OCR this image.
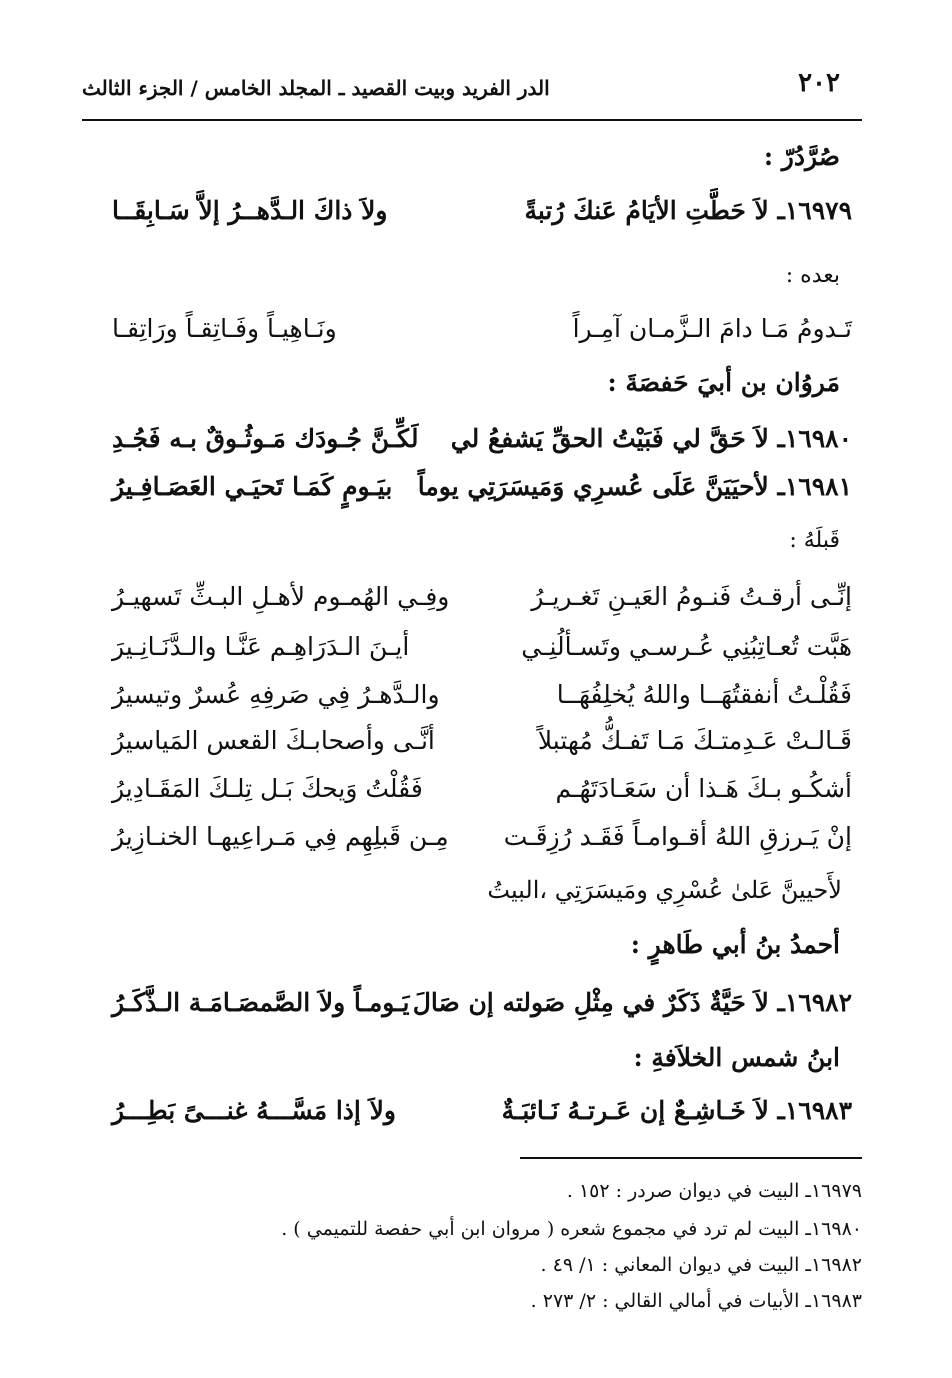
٢٠٢
الدر الفريد وبيت القصيد ـ المجلد الخامس / الجزء الثالث
صُرَّدُرّ :
١٦٩٧٩ـ لاَ حَطَّتِ الأيَامُ عَنكَ رُتبةً
ولاَ ذاكَ الـدَّهــرُ إلاَّ سَـابِقَــا
بعده :
تَـدومُ مَـا دامَ الـزَّمـان آمِـراً
ونَـاهِيـاً وفَـاتِقـاً ورَاتِقـا
مَروُان بن أبيَ حَفصَةَ :
١٦٩٨٠ـ لاَ حَقَّ لي فَبَيْتُ الحقِّ يَشفعُ لي
لَكِّـنَّ جُـودَك مَـوثُـوقٌ بـه فَجُـدِ
١٦٩٨١ـ لأحيَيَنَّ عَلَى عُسرِي وَمَيسَرَتِي يوماً
بيَـومٍ كَمَـا تَحيَـي العَصَـافِـيرُ
قَبلَهُ :
إنِّـى أرقـتُ فَنـومُ العَيـنِ تَغـريـرُ
وفِـي الهُمـوم لأهـلِ البـثِّ تَسهيـرُ
هَبَّت تُعـاتِبُنِي عُـرسـي وتَسـألُنِـي
أيـنَ الـدَرَاهِـم عَنَّـا والـدَّنَـانِـيرَ
فَقُلْـتُ أنفقتُهَــا واللهُ يُخلِفُهَــا
والـدَّهـرُ فِي صَرفِهِ عُسرٌ وتيسيرُ
قَـالـتْ عَـدِمتـكَ مَـا تَفـكُّ مُهتبلاً
أنَّـى وأصحابـكَ القعس المَياسيرُ
أشكُـو بـكَ هَـذا أن سَعَـادَتَهُـم
فَقُلْتُ وَيحكَ بَـل تِلـكَ المَقَـادِيرُ
إنْ يَـرزقِ اللهُ أقـوامـاً فَقَـد رُزِقَـت
مِـن قَبلِهِم فِي مَـراعِيهـا الخنـازِيرُ
لأَحيينَّ عَلىٰ عُسْرِي ومَيسَرَتِي ،البيتُ
أحمدُ بنُ أبي طَاهرٍ :
١٦٩٨٢ـ لاَ حَيَّةٌ ذَكَرٌ في مِثْلِ صَولته إن صَالَ
يَـومـاً ولاَ الصَّمصَـامَـة الـذَّكَـرُ
ابنُ شمس الخلاَفةِ :
١٦٩٨٣ـ لاَ خَـاشِـعٌ إن عَـرتـهُ نَـائبَـةٌ
ولاَ إذا مَسَّـــهُ غنـــىً بَطِـــرُ
١٦٩٧٩ـ البيت في ديوان صردر : ١٥٢ .
١٦٩٨٠ـ البيت لم ترد في مجموع شعره ( مروان ابن أبي حفصة للتميمي ) .
١٦٩٨٢ـ البيت في ديوان المعاني : ١/ ٤٩ .
١٦٩٨٣ـ الأبيات في أمالي القالي : ٢/ ٢٧٣ .
